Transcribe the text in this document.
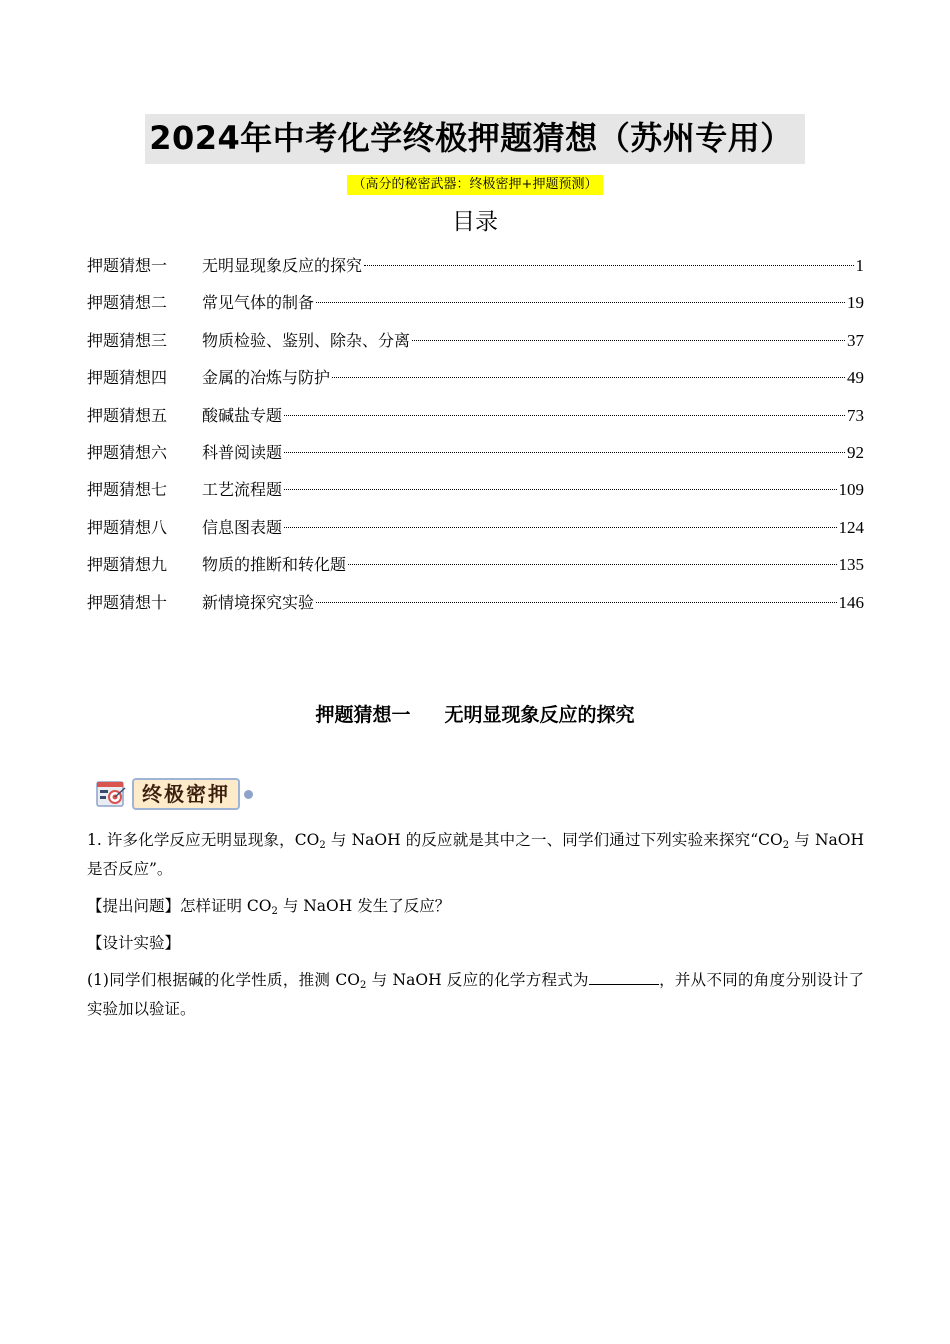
2024年中考化学终极押题猜想（苏州专用）
（高分的秘密武器：终极密押+押题预测）
目录
押题猜想一	无明显现象反应的探究	1
押题猜想二	常见气体的制备	19
押题猜想三	物质检验、鉴别、除杂、分离	37
押题猜想四	金属的冶炼与防护	49
押题猜想五	酸碱盐专题	73
押题猜想六	科普阅读题	92
押题猜想七	工艺流程题	109
押题猜想八	信息图表题	124
押题猜想九	物质的推断和转化题	135
押题猜想十	新情境探究实验	146
押题猜想一 无明显现象反应的探究
终极密押

1. 许多化学反应无明显现象，$CO_2$ 与 NaOH 的反应就是其中之一、同学们通过下列实验来探究“$CO_2$ 与 NaOH 是否反应”。

【提出问题】怎样证明 $CO_2$ 与 NaOH 发生了反应？

【设计实验】

(1)同学们根据碱的化学性质，推测 $CO_2$ 与 NaOH 反应的化学方程式为	，并从不同的角度分别设计了实验加以验证。
